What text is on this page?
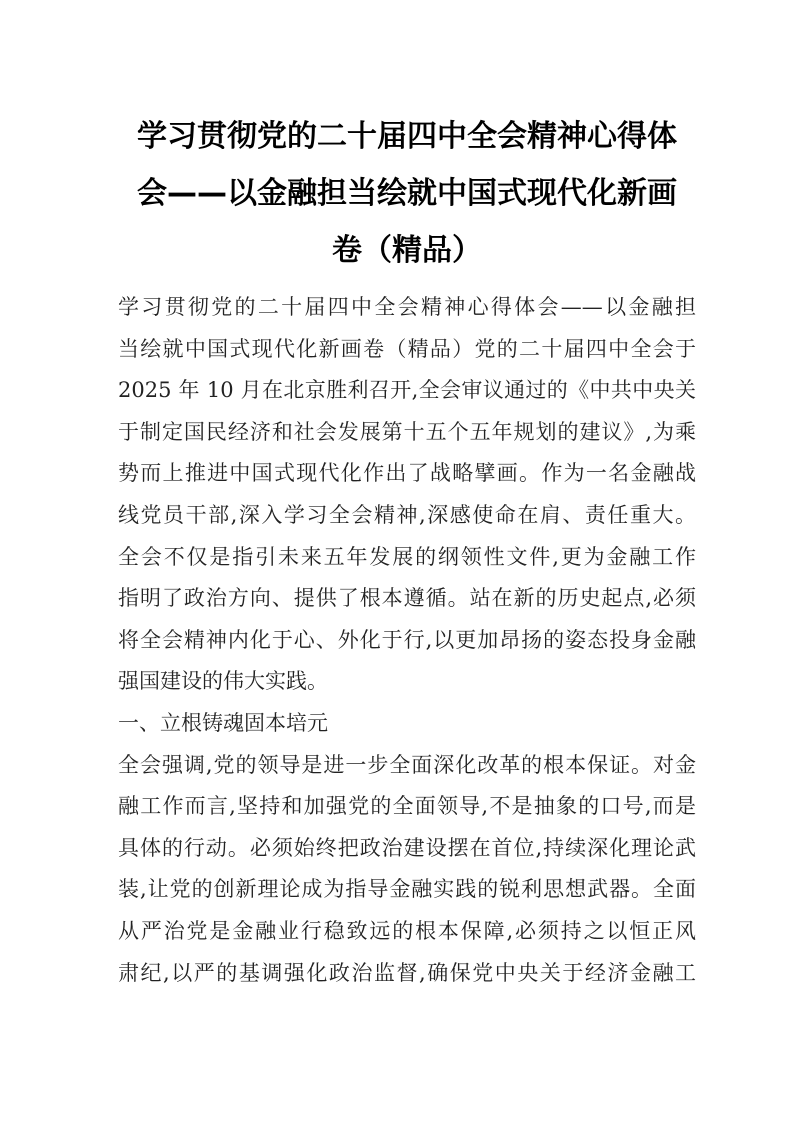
学习贯彻党的二十届四中全会精神心得体
会——以金融担当绘就中国式现代化新画
卷（精品）
学习贯彻党的二十届四中全会精神心得体会——以金融担
当绘就中国式现代化新画卷（精品）党的二十届四中全会于
2025 年 10 月在北京胜利召开,全会审议通过的《中共中央关
于制定国民经济和社会发展第十五个五年规划的建议》,为乘
势而上推进中国式现代化作出了战略擘画。作为一名金融战
线党员干部,深入学习全会精神,深感使命在肩、责任重大。
全会不仅是指引未来五年发展的纲领性文件,更为金融工作
指明了政治方向、提供了根本遵循。站在新的历史起点,必须
将全会精神内化于心、外化于行,以更加昂扬的姿态投身金融
强国建设的伟大实践。
一、立根铸魂固本培元
全会强调,党的领导是进一步全面深化改革的根本保证。对金
融工作而言,坚持和加强党的全面领导,不是抽象的口号,而是
具体的行动。必须始终把政治建设摆在首位,持续深化理论武
装,让党的创新理论成为指导金融实践的锐利思想武器。全面
从严治党是金融业行稳致远的根本保障,必须持之以恒正风
肃纪,以严的基调强化政治监督,确保党中央关于经济金融工
